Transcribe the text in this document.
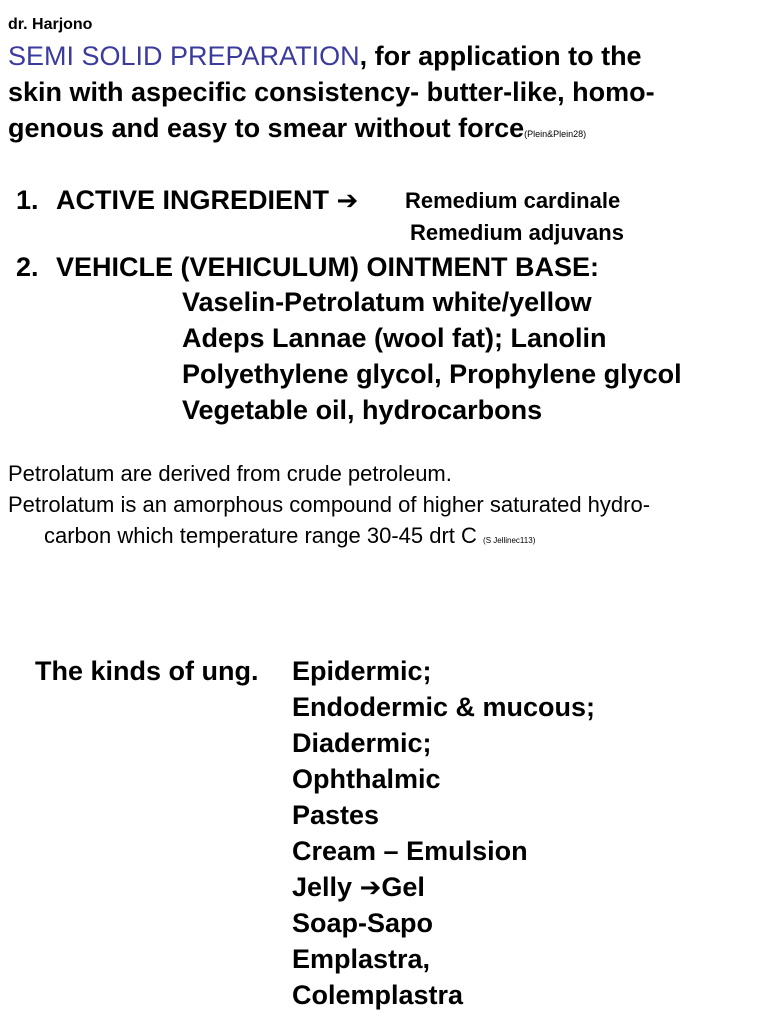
dr. Harjono
SEMI SOLID PREPARATION, for application to the
skin with aspecific consistency- butter-like, homo-
genous and easy to smear without force(Plein&Plein28)
1. ACTIVE INGREDIENT ➔ Remedium cardinale
Remedium adjuvans
2. VEHICLE (VEHICULUM) OINTMENT BASE:
Vaselin-Petrolatum white/yellow
Adeps Lannae (wool fat); Lanolin
Polyethylene glycol, Prophylene glycol
Vegetable oil, hydrocarbons
Petrolatum are derived from crude petroleum.
Petrolatum is an amorphous compound of higher saturated hydro-
carbon which temperature range 30-45 drt C (S Jellinec113)
The kinds of ung. Epidermic;
Endodermic & mucous;
Diadermic;
Ophthalmic
Pastes
Cream – Emulsion
Jelly ➔Gel
Soap-Sapo
Emplastra,
Colemplastra
